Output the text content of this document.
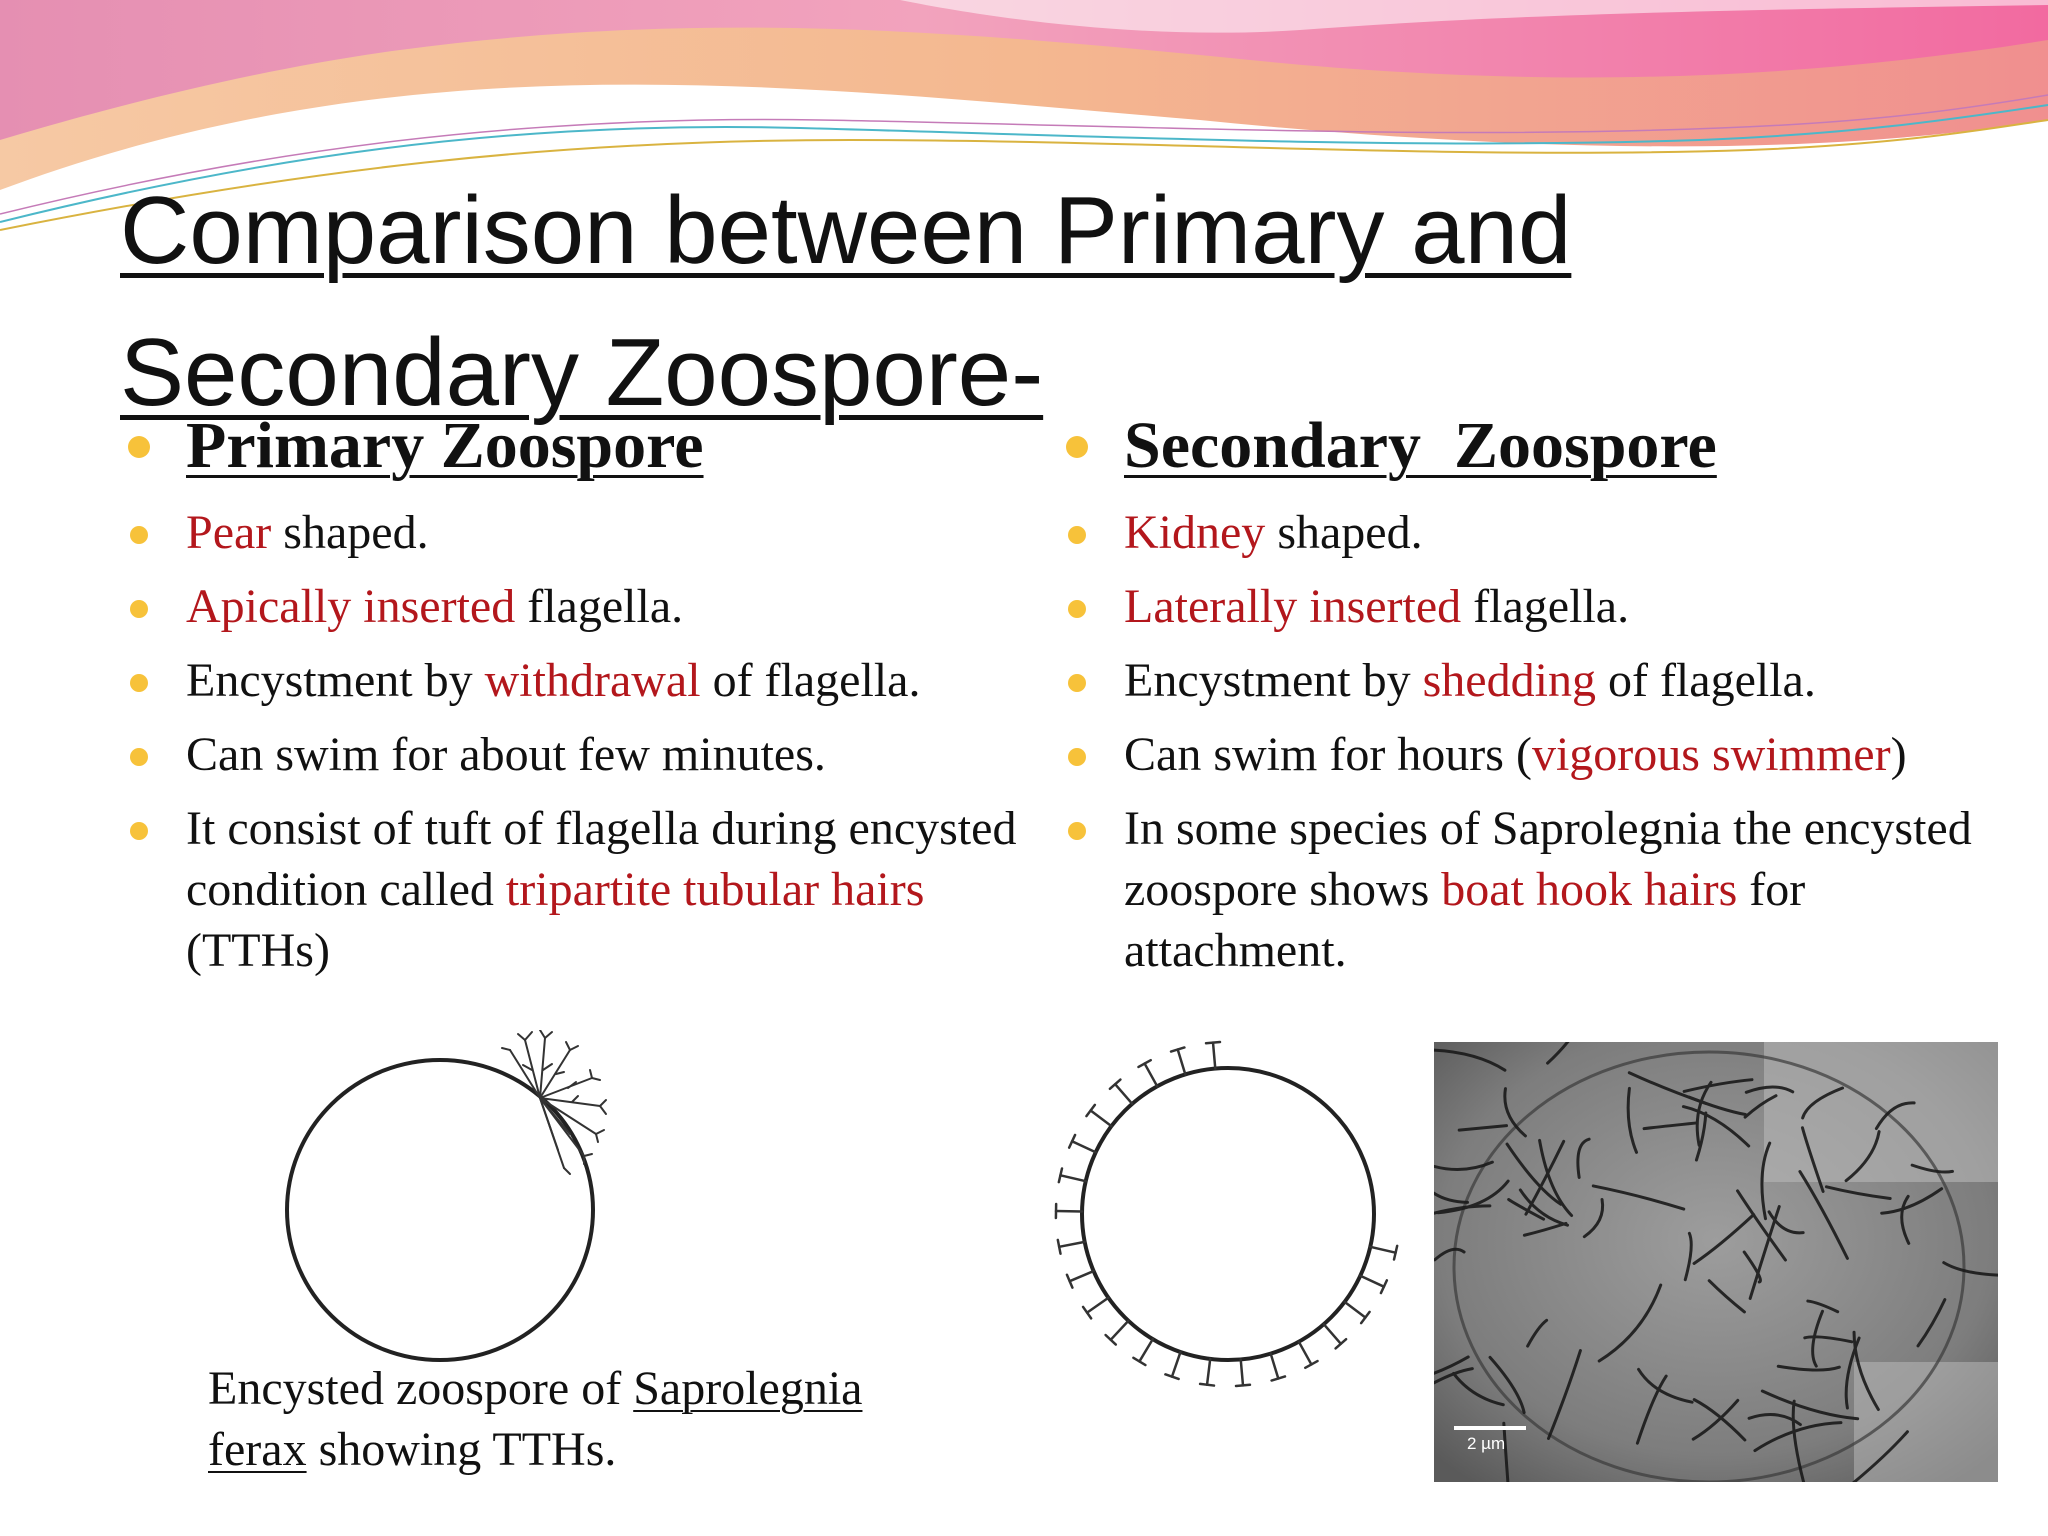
Comparison between Primary and
Secondary Zoospore-
Primary Zoospore
Pear shaped.
Apically inserted flagella.
Encystment by withdrawal of flagella.
Can swim for about few minutes.
It consist of tuft of flagella during encysted condition called tripartite tubular hairs (TTHs)
Secondary  Zoospore
Kidney shaped.
Laterally inserted flagella.
Encystment by shedding of flagella.
Can swim for hours (vigorous swimmer)
In some species of Saprolegnia the encysted zoospore shows boat hook hairs for attachment.

Encysted zoospore of Saprolegnia
ferax showing TTHs.	2 µm
